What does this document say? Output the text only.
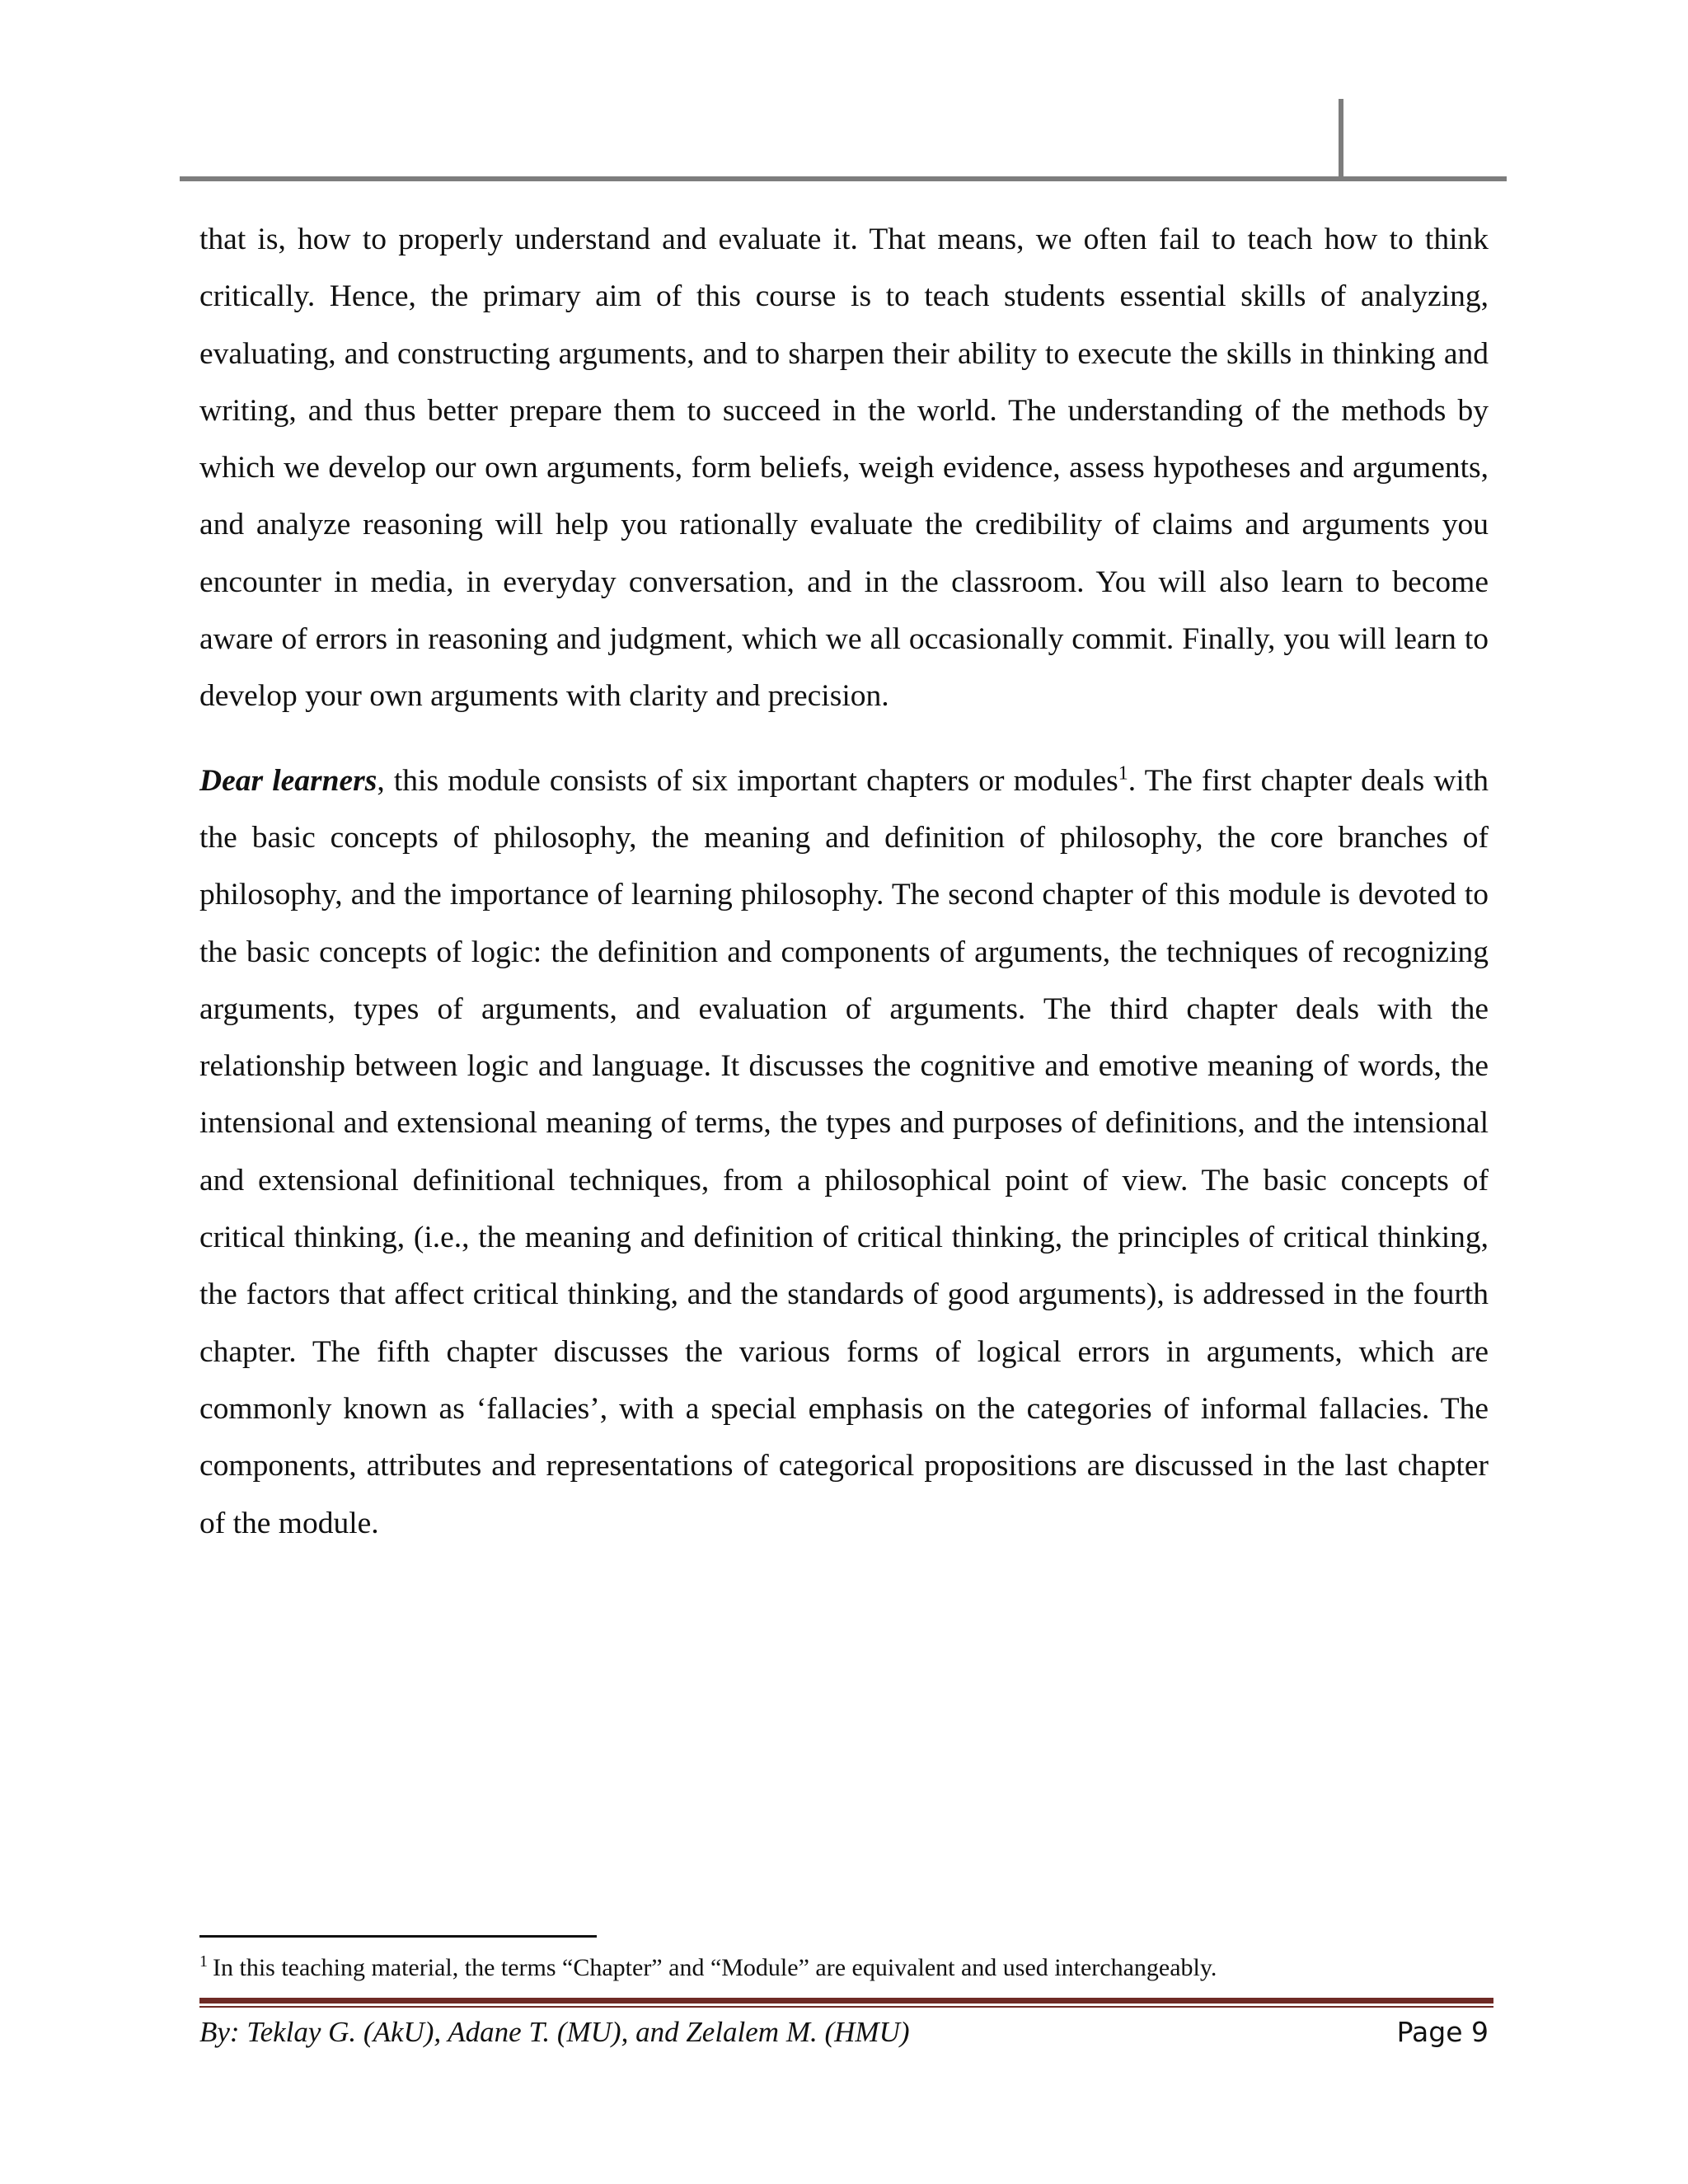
that is, how to properly understand and evaluate it. That means, we often fail to teach how to think critically. Hence, the primary aim of this course is to teach students essential skills of analyzing, evaluating, and constructing arguments, and to sharpen their ability to execute the skills in thinking and writing, and thus better prepare them to succeed in the world. The understanding of the methods by which we develop our own arguments, form beliefs, weigh evidence, assess hypotheses and arguments, and analyze reasoning will help you rationally evaluate the credibility of claims and arguments you encounter in media, in everyday conversation, and in the classroom. You will also learn to become aware of errors in reasoning and judgment, which we all occasionally commit. Finally, you will learn to develop your own arguments with clarity and precision.

Dear learners, this module consists of six important chapters or modules$^1$. The first chapter deals with the basic concepts of philosophy, the meaning and definition of philosophy, the core branches of philosophy, and the importance of learning philosophy. The second chapter of this module is devoted to the basic concepts of logic: the definition and components of arguments, the techniques of recognizing arguments, types of arguments, and evaluation of arguments. The third chapter deals with the relationship between logic and language. It discusses the cognitive and emotive meaning of words, the intensional and extensional meaning of terms, the types and purposes of definitions, and the intensional and extensional definitional techniques, from a philosophical point of view. The basic concepts of critical thinking, (i.e., the meaning and definition of critical thinking, the principles of critical thinking, the factors that affect critical thinking, and the standards of good arguments), is addressed in the fourth chapter. The fifth chapter discusses the various forms of logical errors in arguments, which are commonly known as ‘fallacies’, with a special emphasis on the categories of informal fallacies. The components, attributes and representations of categorical propositions are discussed in the last chapter of the module.

$^1$ In this teaching material, the terms “Chapter” and “Module” are equivalent and used interchangeably.

By: Teklay G. (AkU), Adane T. (MU), and Zelalem M. (HMU)	Page 9
